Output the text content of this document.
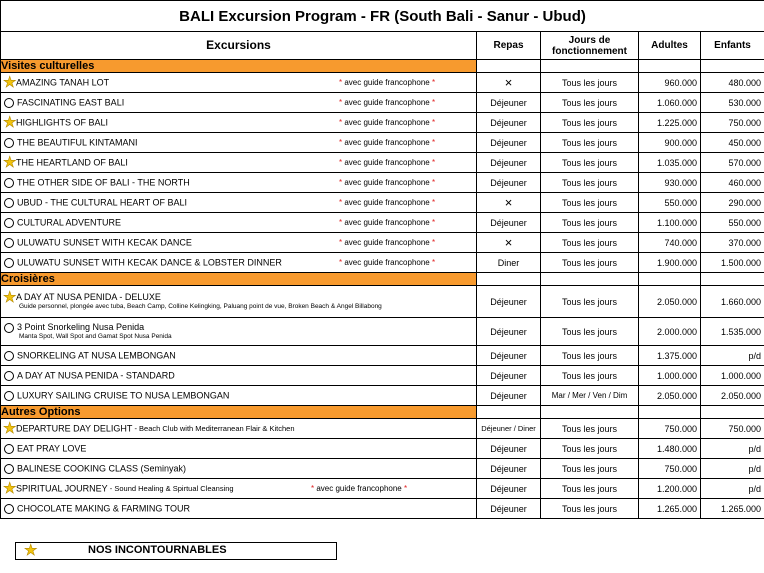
BALI Excursion Program - FR (South Bali - Sanur - Ubud)				
Excursions	Repas	Jours de fonctionnement	Adultes	Enfants
Visites culturelles				

★AMAZING TANAH LOT * avec guide francophone *	×	Tous les jours	960.000	480.000

FASCINATING EAST BALI * avec guide francophone *	Déjeuner	Tous les jours	1.060.000	530.000

★HIGHLIGHTS OF BALI * avec guide francophone *	Déjeuner	Tous les jours	1.225.000	750.000

THE BEAUTIFUL KINTAMANI * avec guide francophone *	Déjeuner	Tous les jours	900.000	450.000

★THE HEARTLAND OF BALI * avec guide francophone *	Déjeuner	Tous les jours	1.035.000	570.000

THE OTHER SIDE OF BALI - THE NORTH * avec guide francophone *	Déjeuner	Tous les jours	930.000	460.000

UBUD - THE CULTURAL HEART OF BALI * avec guide francophone *	×	Tous les jours	550.000	290.000

CULTURAL ADVENTURE * avec guide francophone *	Déjeuner	Tous les jours	1.100.000	550.000

ULUWATU SUNSET WITH KECAK DANCE * avec guide francophone *	×	Tous les jours	740.000	370.000

ULUWATU SUNSET WITH KECAK DANCE & LOBSTER DINNER * avec guide francophone *	Diner	Tous les jours	1.900.000	1.500.000
Croisières				

★A DAY AT NUSA PENIDA - DELUXE
Guide personnel, plongée avec tuba, Beach Camp, Colline Kelingking, Paluang point de vue, Broken Beach & Angel Billabong	Déjeuner	Tous les jours	2.050.000	1.660.000

3 Point Snorkeling Nusa Penida
Manta Spot, Wall Spot and Gamat Spot Nusa Penida	Déjeuner	Tous les jours	2.000.000	1.535.000

SNORKELING AT NUSA LEMBONGAN	Déjeuner	Tous les jours	1.375.000	p/d

A DAY AT NUSA PENIDA - STANDARD	Déjeuner	Tous les jours	1.000.000	1.000.000

LUXURY SAILING CRUISE TO NUSA LEMBONGAN	Déjeuner	Mar / Mer / Ven / Dim	2.050.000	2.050.000
Autres Options				

★DEPARTURE DAY DELIGHT - Beach Club with Mediterranean Flair & Kitchen	Déjeuner / Diner	Tous les jours	750.000	750.000

EAT PRAY LOVE	Déjeuner	Tous les jours	1.480.000	p/d

BALINESE COOKING CLASS (Seminyak)	Déjeuner	Tous les jours	750.000	p/d

★SPIRITUAL JOURNEY - Sound Healing & Spirtual Cleansing * avec guide francophone *	Déjeuner	Tous les jours	1.200.000	p/d

CHOCOLATE MAKING & FARMING TOUR	Déjeuner	Tous les jours	1.265.000	1.265.000
★	NOS INCONTOURNABLES
